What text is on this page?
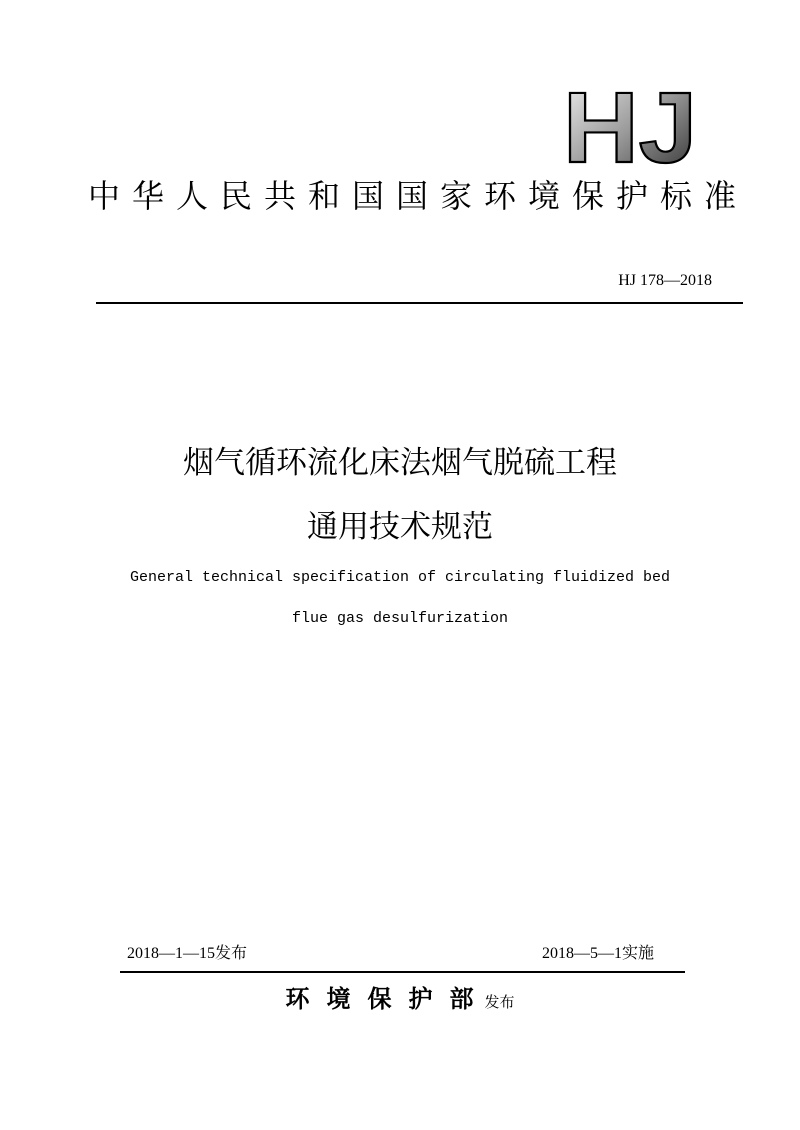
HJ
中华人民共和国国家环境保护标准
HJ 178—2018
烟气循环流化床法烟气脱硫工程
通用技术规范
General technical specification of circulating fluidized bed
flue gas desulfurization
2018—1—15发布	2018—5—1实施
环境保护部发布
